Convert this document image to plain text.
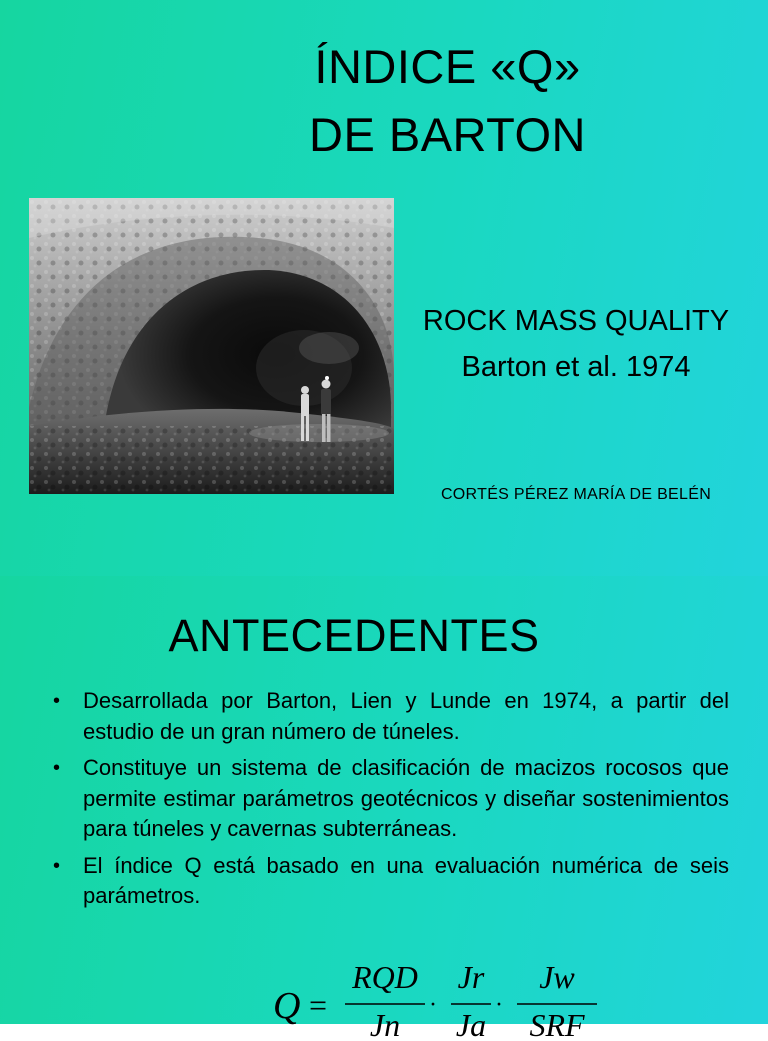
ÍNDICE «Q»
DE BARTON
ROCK MASS QUALITY
Barton et al. 1974
CORTÉS PÉREZ MARÍA DE BELÉN
ANTECEDENTES
• Desarrollada por Barton, Lien y Lunde en 1974, a partir del estudio de un gran número de túneles.
• Constituye un sistema de clasificación de macizos rocosos que permite estimar parámetros geotécnicos y diseñar sostenimientos para túneles y cavernas subterráneas.
• El índice Q está basado en una evaluación numérica de seis parámetros.
Q =
RQD
Jn
·
Jr
Ja
·
Jw
SRF
